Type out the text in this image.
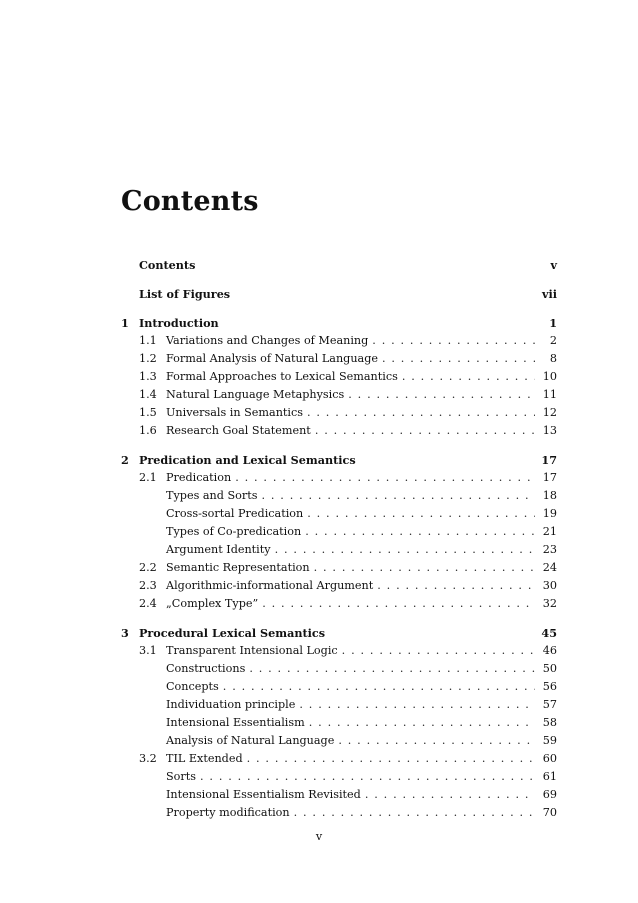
Contents
Contents	v
List of Figures	vii
1 Introduction	1
1.1 Variations and Changes of Meaning . . .	2
1.2 Formal Analysis of Natural Language . . .	8
1.3 Formal Approaches to Lexical Semantics . . .	10
1.4 Natural Language Metaphysics . . .	11
1.5 Universals in Semantics . . .	12
1.6 Research Goal Statement . . .	13
2 Predication and Lexical Semantics	17
2.1 Predication . . .	17
Types and Sorts . . .	18
Cross-sortal Predication . . .	19
Types of Co-predication . . .	21
Argument Identity . . .	23
2.2 Semantic Representation . . .	24
2.3 Algorithmic-informational Argument . . .	30
2.4 „Complex Type” . . .	32
3 Procedural Lexical Semantics	45
3.1 Transparent Intensional Logic . . .	46
Constructions . . .	50
Concepts . . .	56
Individuation principle . . .	57
Intensional Essentialism . . .	58
Analysis of Natural Language . . .	59
3.2 TIL Extended . . .	60
Sorts . . .	61
Intensional Essentialism Revisited . . .	69
Property modification . . .	70
v
